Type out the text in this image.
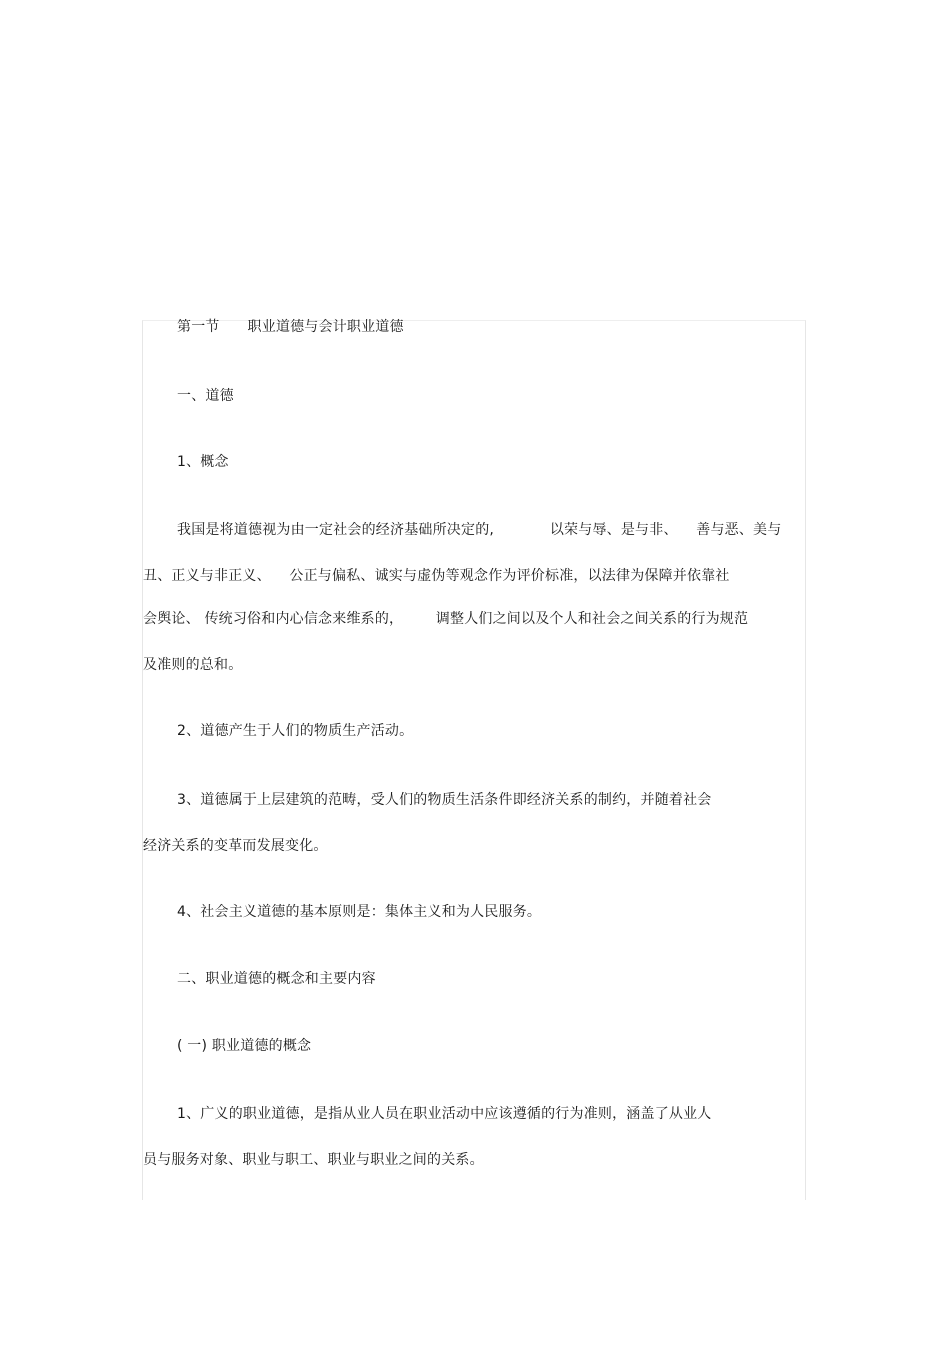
第一节      职业道德与会计职业道德
一、道德
1、概念
我国是将道德视为由一定社会的经济基础所决定的,            以荣与辱、是与非、    善与恶、美与
丑、正义与非正义、    公正与偏私、诚实与虚伪等观念作为评价标准，以法律为保障并依靠社
会舆论、 传统习俗和内心信念来维系的，       调整人们之间以及个人和社会之间关系的行为规范
及准则的总和。
2、道德产生于人们的物质生产活动。
3、道德属于上层建筑的范畴，受人们的物质生活条件即经济关系的制约，并随着社会
经济关系的变革而发展变化。
4、社会主义道德的基本原则是：集体主义和为人民服务。
二、职业道德的概念和主要内容
( 一) 职业道德的概念
1、广义的职业道德，是指从业人员在职业活动中应该遵循的行为准则，涵盖了从业人
员与服务对象、职业与职工、职业与职业之间的关系。
